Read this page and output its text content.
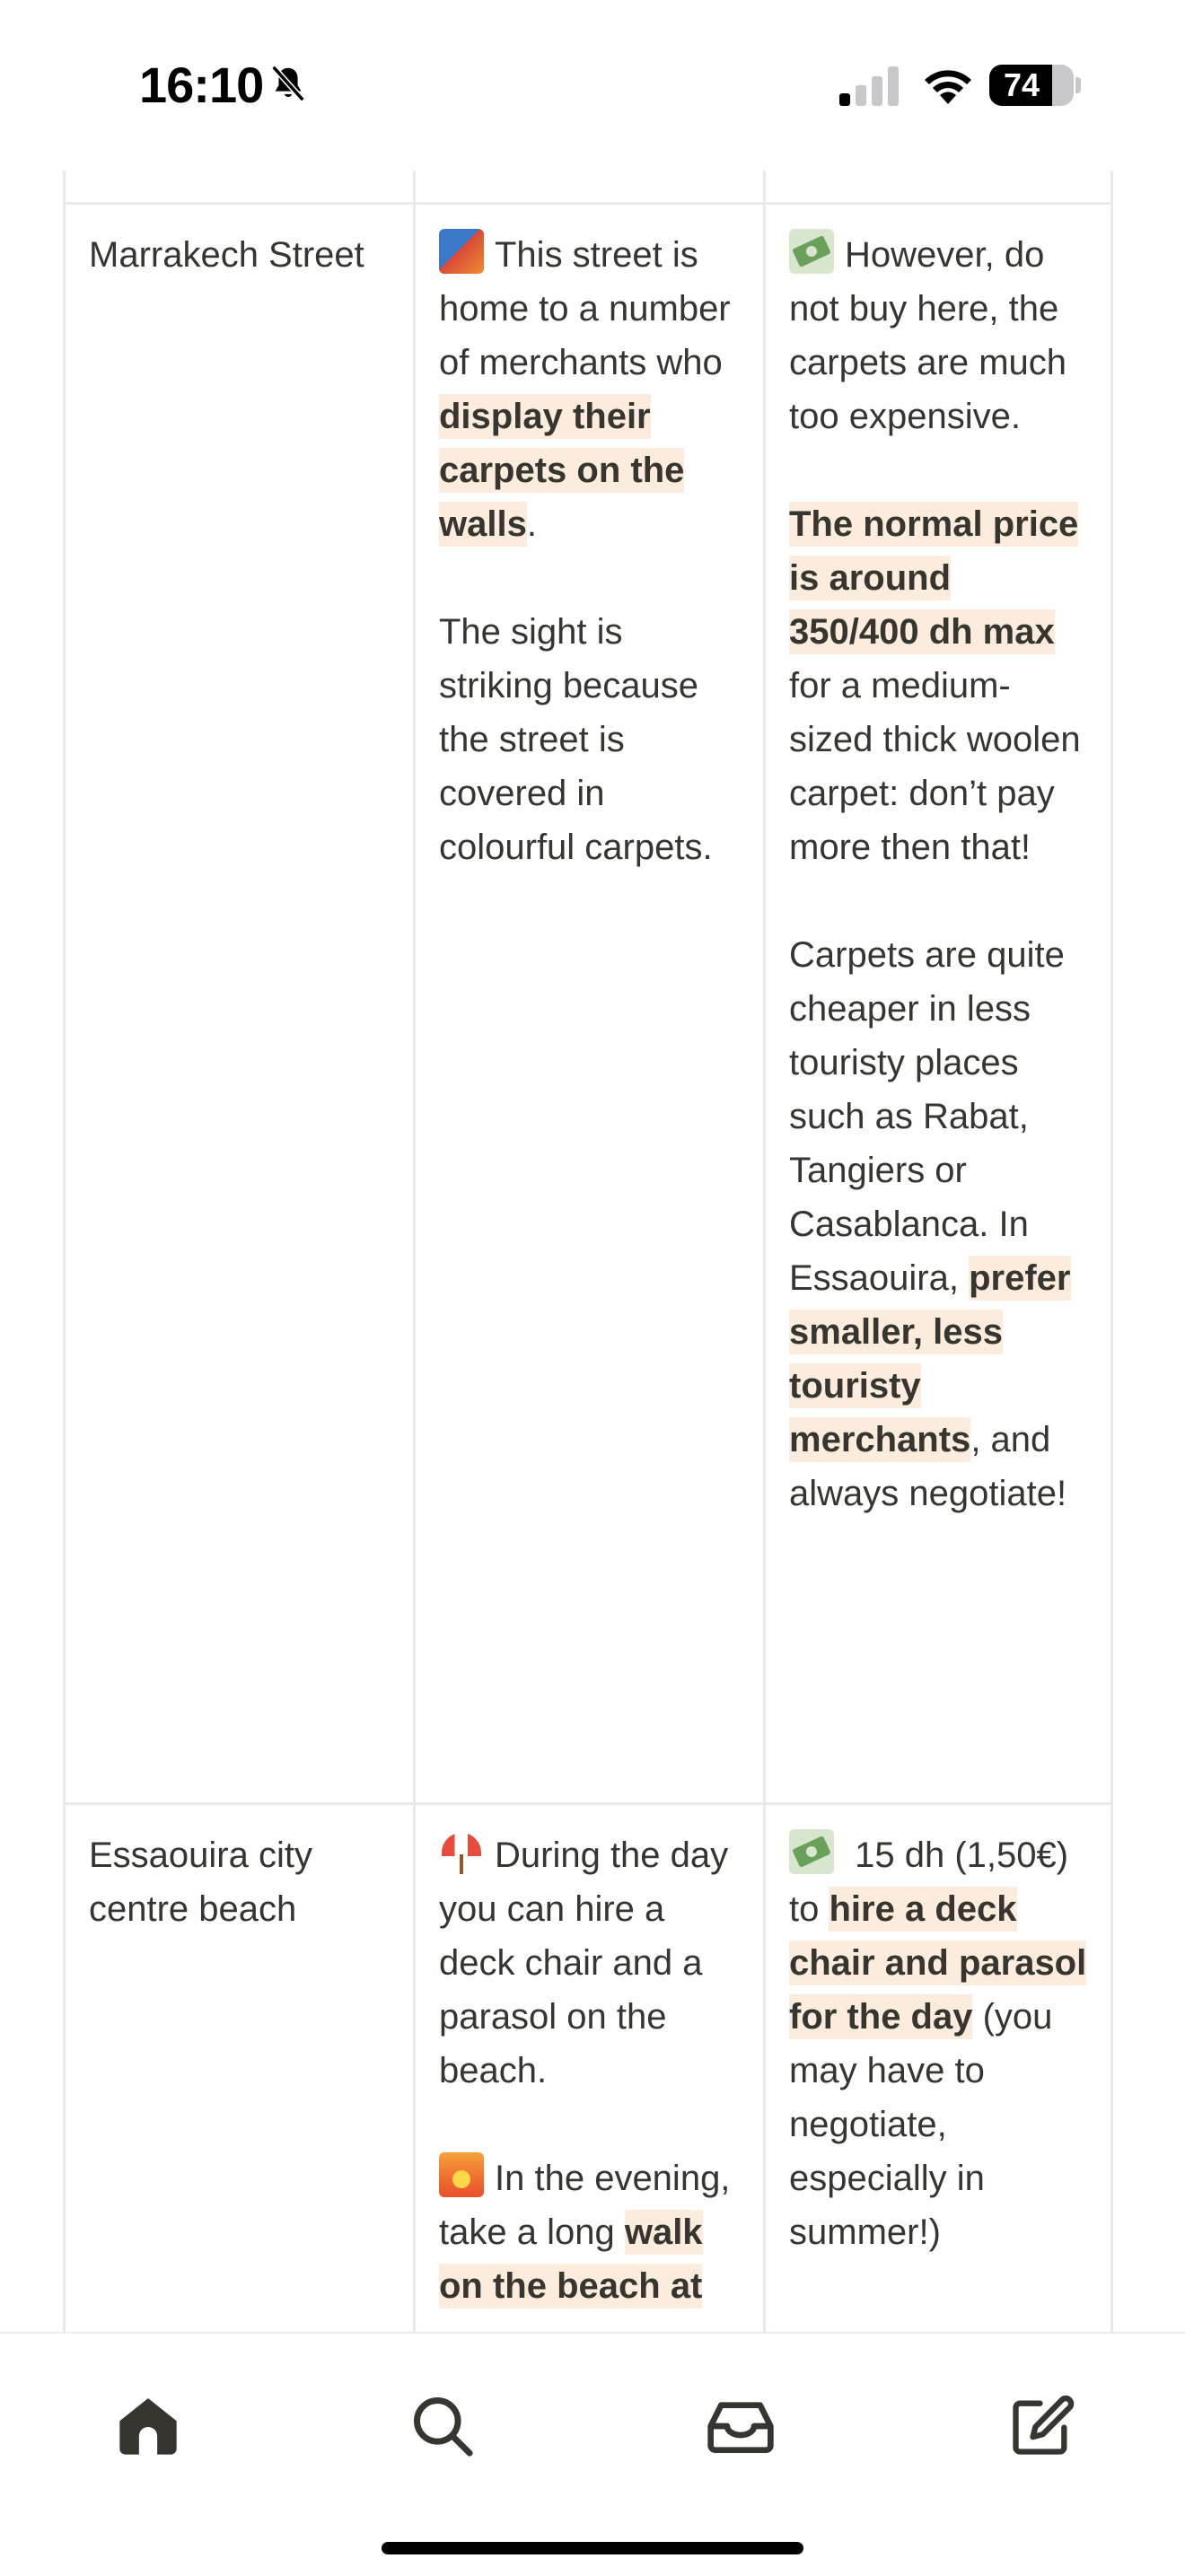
Marrakech Street	This street is home to a number of merchants who display their carpets on the walls.
The sight is striking because the street is covered in colourful carpets.
However, do not buy here, the carpets are much too expensive.
The normal price is around 350/400 dh max for a medium-sized thick woolen carpet: don’t pay more then that!
Carpets are quite cheaper in less touristy places such as Rabat, Tangiers or Casablanca. In Essaouira, prefer smaller, less touristy merchants, and always negotiate!
Essaouira city centre beach
During the day you can hire a deck chair and a parasol on the beach.
In the evening, take a long walk on the beach at
15 dh (1,50€) to hire a deck chair and parasol for the day (you may have to negotiate, especially in summer!)
16:10	74
